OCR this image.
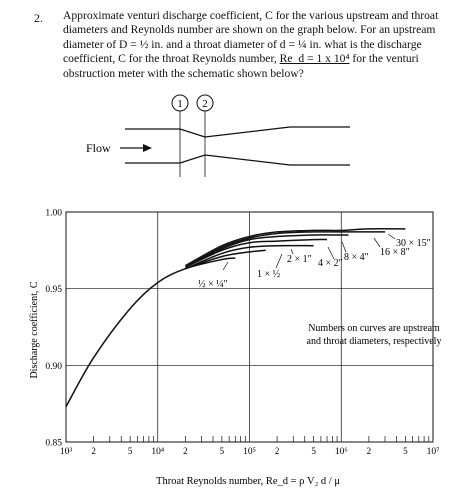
2. Approximate venturi discharge coefficient, C for the various upstream and throat
diameters and Reynolds number are shown on the graph below. For an upstream
diameter of D = ½ in. and a throat diameter of d = ¼ in. what is the discharge
coefficient, C for the throat Reynolds number, Re_d = 1 x 10⁴ for the venturi
obstruction meter with the schematic shown below?
1 2
Flow
1.00
0.95
0.90
0.85
10³	10⁴	10⁵	10⁶	10⁷
2	5	2	5	2	5	2	5
30 × 15″
16 × 8″
8 × 4″
4 × 2″
2 × 1″
1 × ½
½ × ¼″
Numbers on curves are upstream
and throat diameters, respectively
Discharge coefficient, C
Throat Reynolds number, Re_d = ρ V₂ d / μ
